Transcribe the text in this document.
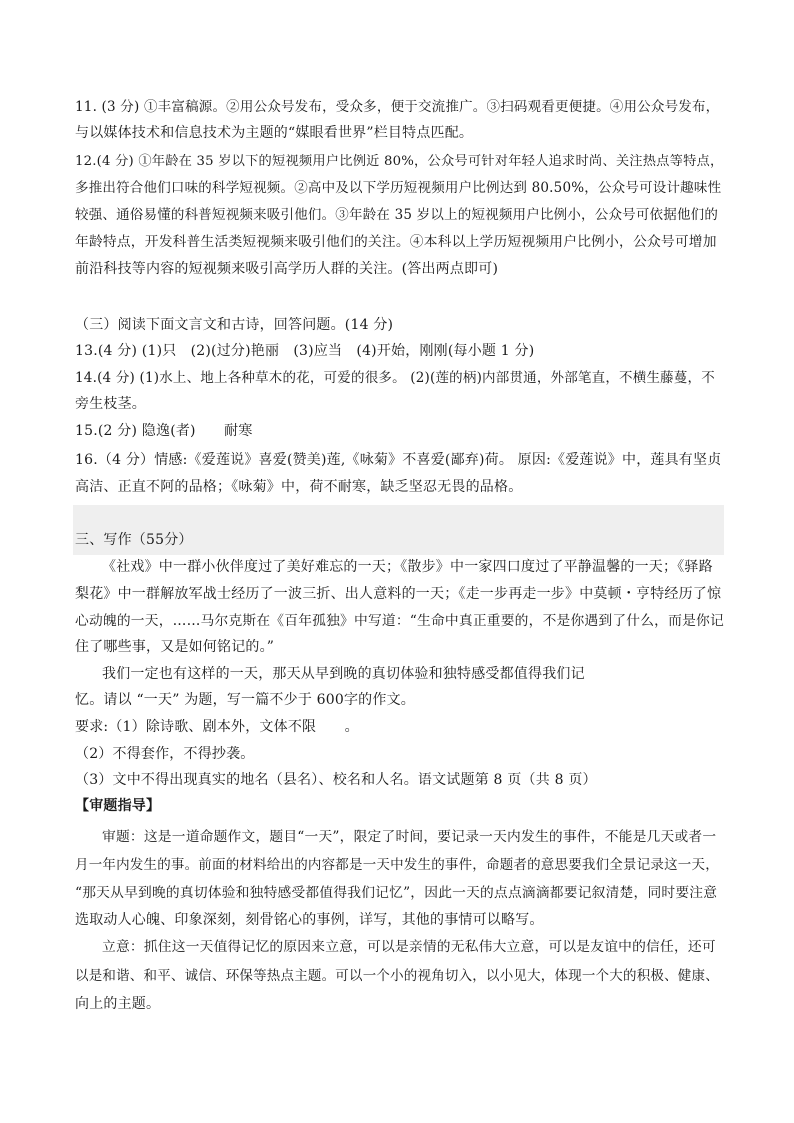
11. (3 分) ①丰富稿源。②用公众号发布，受众多，便于交流推广。③扫码观看更便捷。④用公众号发布，
与以媒体技术和信息技术为主题的“媒眼看世界”栏目特点匹配。
12.(4 分) ①年龄在 35 岁以下的短视频用户比例近 80%，公众号可针对年轻人追求时尚、关注热点等特点，
多推出符合他们口味的科学短视频。②高中及以下学历短视频用户比例达到 80.50%，公众号可设计趣味性
较强、通俗易懂的科普短视频来吸引他们。③年龄在 35 岁以上的短视频用户比例小，公众号可依据他们的
年龄特点，开发科普生活类短视频来吸引他们的关注。④本科以上学历短视频用户比例小，公众号可增加
前沿科技等内容的短视频来吸引高学历人群的关注。(答出两点即可)
（三）阅读下面文言文和古诗，回答问题。(14 分)
13.(4 分) (1)只　(2)(过分)艳丽　(3)应当　(4)开始，刚刚(每小题 1 分)
14.(4 分) (1)水上、地上各种草木的花，可爱的很多。 (2)(莲的柄)内部贯通，外部笔直，不横生藤蔓，不
旁生枝茎。
15.(2 分) 隐逸(者)　　耐寒
16.（4 分）情感:《爱莲说》喜爱(赞美)莲,《咏菊》不喜爱(鄙弃)荷。 原因:《爱莲说》中，莲具有坚贞
高洁、正直不阿的品格；《咏菊》中，荷不耐寒，缺乏坚忍无畏的品格。
三、写作（55分）
《社戏》中一群小伙伴度过了美好难忘的一天；《散步》中一家四口度过了平静温馨的一天；《驿路
梨花》中一群解放军战士经历了一波三折、出人意料的一天；《走一步再走一步》中莫顿・亨特经历了惊
心动魄的一天，……马尔克斯在《百年孤独》中写道：“生命中真正重要的，不是你遇到了什么，而是你记
住了哪些事，又是如何铭记的。”
我们一定也有这样的一天，那天从早到晚的真切体验和独特感受都值得我们记
忆。请以 “一天” 为题，写一篇不少于 600字的作文。
要求:（1）除诗歌、剧本外，文体不限　　。
（2）不得套作，不得抄袭。
（3）文中不得出现真实的地名（县名）、校名和人名。语文试题第 8 页（共 8 页）
【审题指导】
审题：这是一道命题作文，题目“一天”，限定了时间，要记录一天内发生的事件，不能是几天或者一
月一年内发生的事。前面的材料给出的内容都是一天中发生的事件，命题者的意思要我们全景记录这一天，
“那天从早到晚的真切体验和独特感受都值得我们记忆”，因此一天的点点滴滴都要记叙清楚，同时要注意
选取动人心魄、印象深刻，刻骨铭心的事例，详写，其他的事情可以略写。
立意：抓住这一天值得记忆的原因来立意，可以是亲情的无私伟大立意，可以是友谊中的信任，还可
以是和谐、和平、诚信、环保等热点主题。可以一个小的视角切入，以小见大，体现一个大的积极、健康、
向上的主题。
